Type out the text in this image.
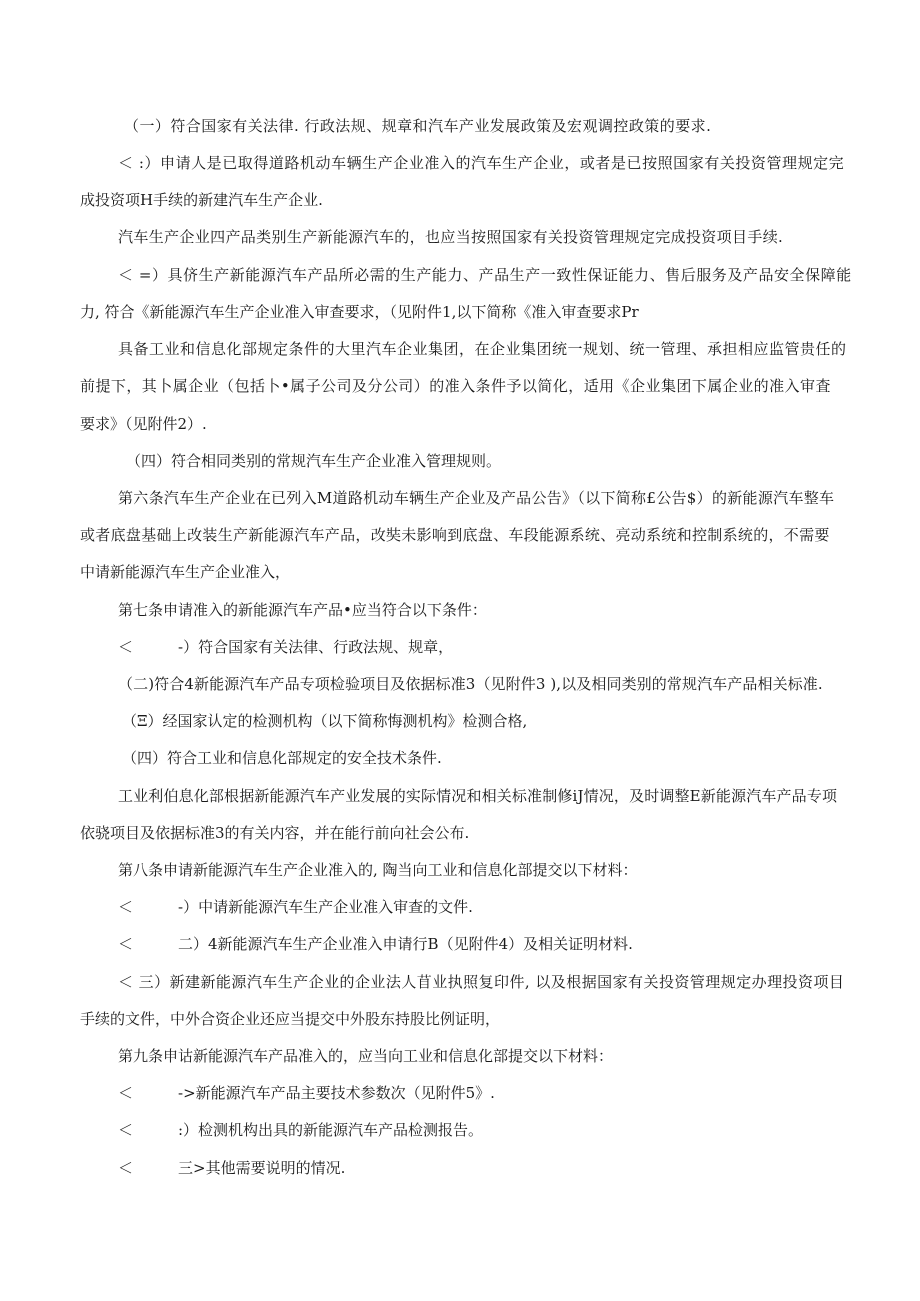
（一）符合国家有关法律. 行政法规、规章和汽车产业发展政策及宏观调控政策的要求.
＜ :）申请人是已取得道路机动车辆生产企业准入的汽车生产企业，或者是已按照国家有关投资管理规定完
成投资项H手续的新建汽车生产企业.
汽车生产企业四产品类别生产新能源汽车的，也应当按照国家有关投资管理规定完成投资项目手续.
＜ =）具侪生产新能源汽车产品所必需的生产能力、产品生产一致性保证能力、售后服务及产品安全保障能
力, 符合《新能源汽车生产企业准入审查要求，（见附件1,以下简称《准入审查要求Pr
具备工业和信息化部规定条件的大里汽车企业集团，在企业集团统一规划、统一管理、承担相应监管贵任的
前提下，其卜属企业（包括卜•属子公司及分公司）的准入条件予以简化，适用《企业集团下属企业的准入审査
要求》（见附件2）.
（四）符合相同类别的常规汽车生产企业准入管理规则。
第六条汽车生产企业在已列入M道路机动车辆生产企业及产品公告》（以下简称£公告$）的新能源汽车整车
或者底盘基础上改装生产新能源汽车产品，改奘未影响到底盘、车段能源系统、亮动系统和控制系统的，不需要
中请新能源汽车生产企业准入，
第七条申请准入的新能源汽车产品•应当符合以下条件：
＜　　　-）符合国家有关法律、行政法规、规章，
（二)符合4新能源汽车产品专项检验项目及依据标准3（见附件3 ),以及相同类别的常规汽车产品相关标准.
（Ξ）经国家认定的检测机构（以下简称悔测机构》检测合格,
（四）符合工业和信息化部规定的安全技术条件.
工业利伯息化部根据新能源汽车产业发展的实际情况和相关标准制修iJ情况，及时调整E新能源汽车产品专项
依骁项目及依据标准3的有关内容，并在能行前向社会公布.
第八条申请新能源汽车生产企业准入的, 陶当向工业和信息化部提交以下材料：
＜　　　-）中请新能源汽车生产企业准入审查的文件.
＜　　　二）4新能源汽车生产企业准入申请行B（见附件4）及相关证明材料.
＜ 三）新建新能源汽车生产企业的企业法人苜业执照复印件, 以及根据国家有关投资管理规定办理投资项目
手续的文件，中外合资企业还应当提交中外股东持股比例证明，
第九条申诂新能源汽车产品准入的，应当向工业和信息化部提交以下材料：
＜　　　->新能源汽车产品主要技术参数次（见附件5》.
＜　　　:）检测机构出具的新能源汽车产品检测报告。
＜　　　三>其他需要说明的情况.
